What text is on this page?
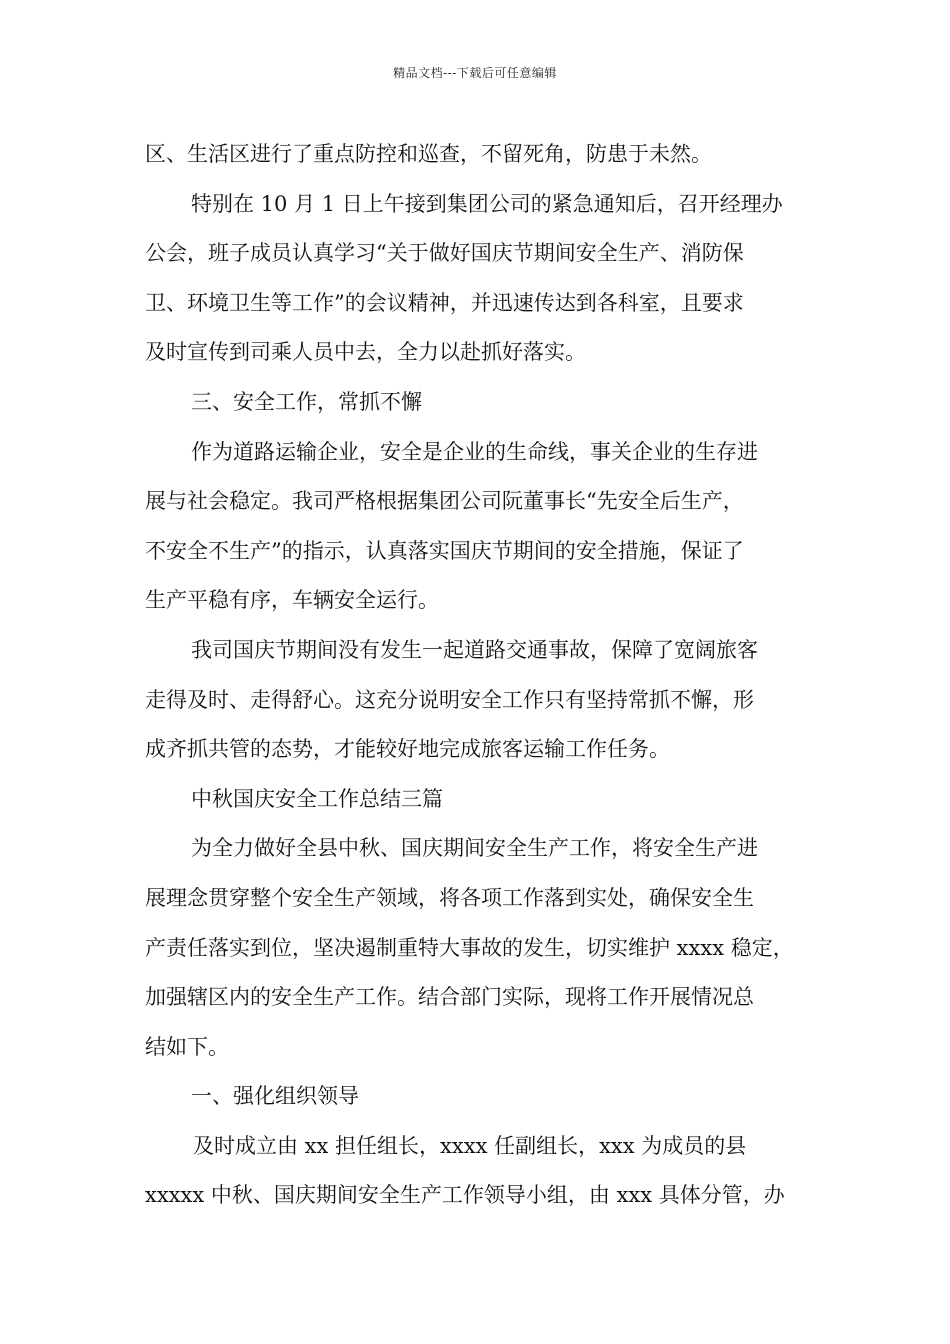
精品文档---下载后可任意编辑
区、生活区进行了重点防控和巡查，不留死角，防患于未然。
特别在 10 月 1 日上午接到集团公司的紧急通知后，召开经理办
公会，班子成员认真学习“关于做好国庆节期间安全生产、消防保
卫、环境卫生等工作”的会议精神，并迅速传达到各科室，且要求
及时宣传到司乘人员中去，全力以赴抓好落实。
三、安全工作，常抓不懈
作为道路运输企业，安全是企业的生命线，事关企业的生存进
展与社会稳定。我司严格根据集团公司阮董事长“先安全后生产，
不安全不生产”的指示，认真落实国庆节期间的安全措施，保证了
生产平稳有序，车辆安全运行。
我司国庆节期间没有发生一起道路交通事故，保障了宽阔旅客
走得及时、走得舒心。这充分说明安全工作只有坚持常抓不懈，形
成齐抓共管的态势，才能较好地完成旅客运输工作任务。
中秋国庆安全工作总结三篇
为全力做好全县中秋、国庆期间安全生产工作，将安全生产进
展理念贯穿整个安全生产领域，将各项工作落到实处，确保安全生
产责任落实到位，坚决遏制重特大事故的发生，切实维护 xxxx 稳定，
加强辖区内的安全生产工作。结合部门实际，现将工作开展情况总
结如下。
一、强化组织领导
及时成立由 xx 担任组长，xxxx 任副组长，xxx 为成员的县
xxxxx 中秋、国庆期间安全生产工作领导小组，由 xxx 具体分管，办
